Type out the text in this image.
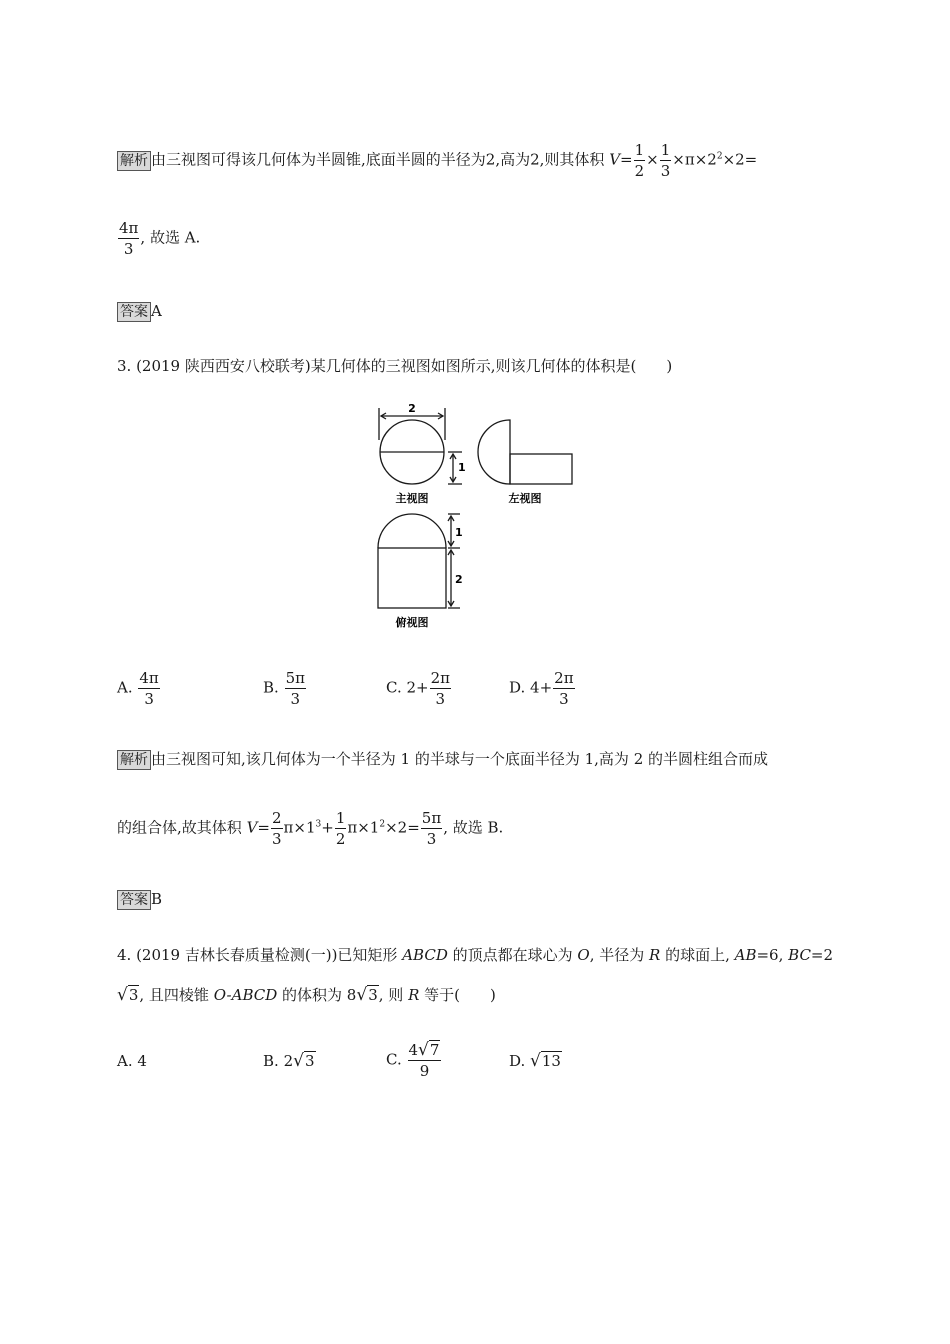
解析 由三视图可得该几何体为半圆锥,底面半圆的半径为2,高为2,则其体积 $V= \frac{1}{2} \times \frac{1}{3} \times\pi\times 2^2\times 2=$
$\frac{4\pi}{3}$ , 故选 A.
答案 A
3. (2019 陕西西安八校联考)某几何体的三视图如图所示,则该几何体的体积是(　　)
2
1
主视图	左视图
1
2
俯视图
A. $\frac{4\pi}{3}$	B. $\frac{5\pi}{3}$	C. $2+ \frac{2\pi}{3}$	D. $4+ \frac{2\pi}{3}$
解析 由三视图可知,该几何体为一个半径为 1 的半球与一个底面半径为 1,高为 2 的半圆柱组合而成
的组合体,故其体积 $V= \frac{2}{3} \pi\times 1^3+ \frac{1}{2} \pi\times 1^2\times 2= \frac{5\pi}{3}$ , 故选 B.
答案 B
4. (2019 吉林长春质量检测(一))已知矩形 ABCD 的顶点都在球心为 O, 半径为 R 的球面上, AB=6, BC=2
√3, 且四棱锥 O-ABCD 的体积为 8√3, 则 R 等于(　　)
A. 4	B. 2√3	C. $\frac{4√7}{9}$	D. √13
